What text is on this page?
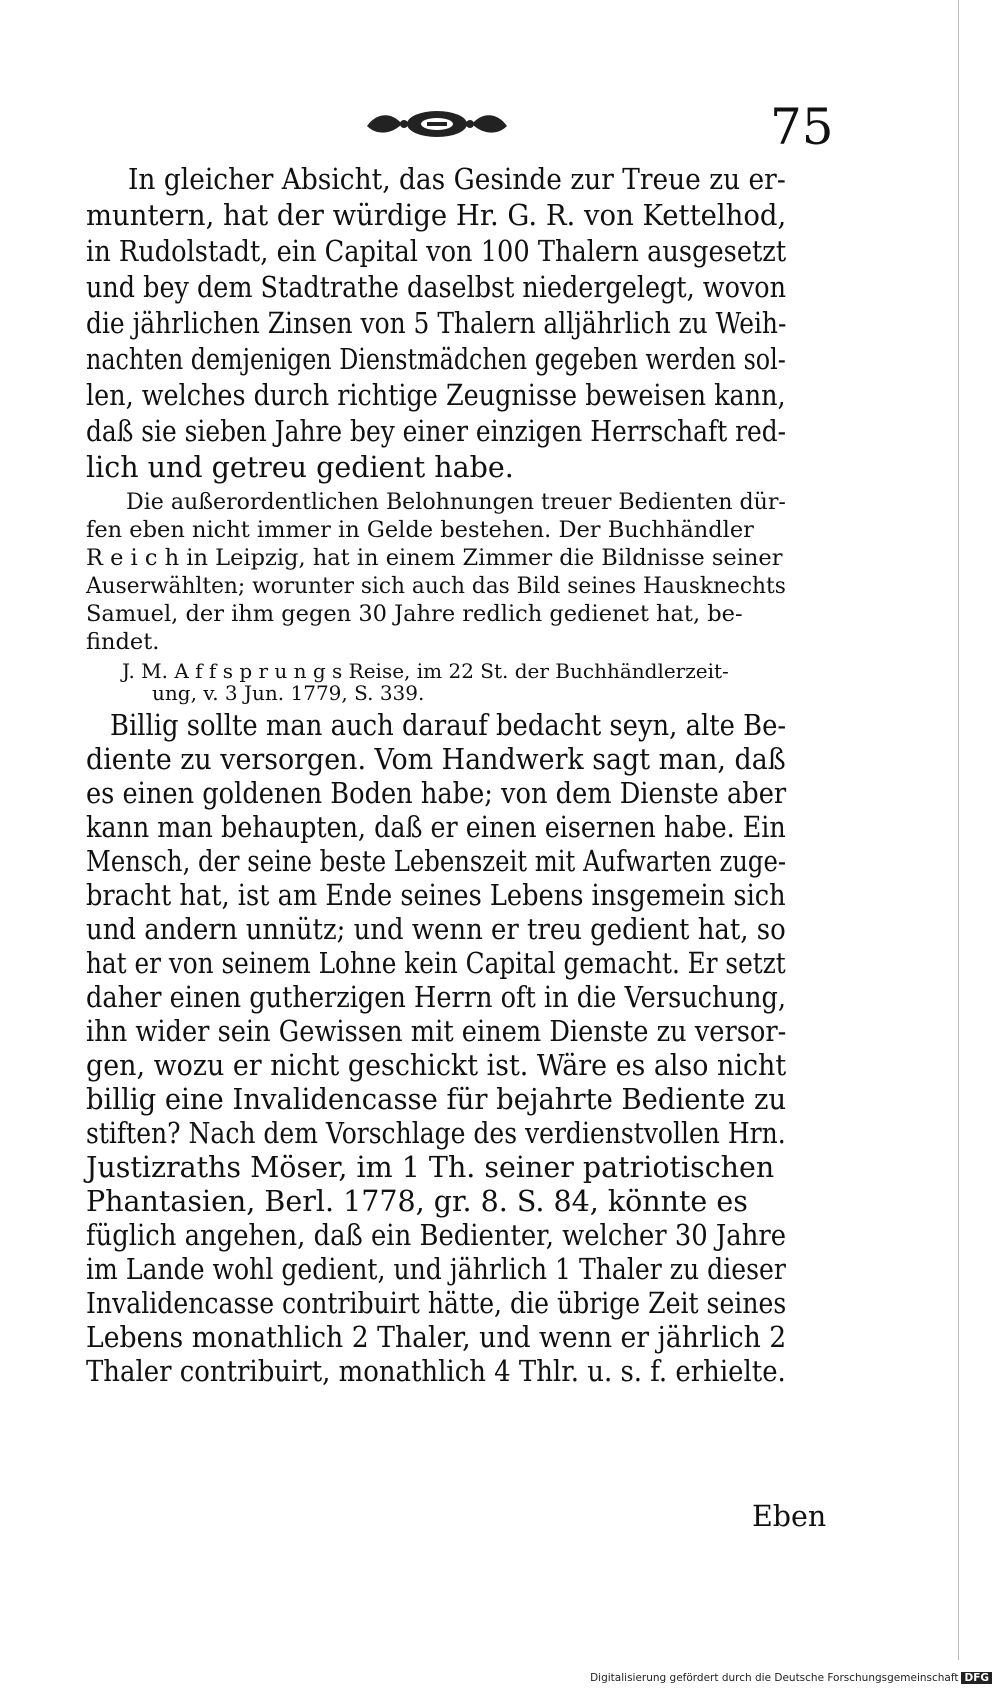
75
In gleicher Absicht, das Gesinde zur Treue zu er-
muntern, hat der würdige Hr. G. R. von Kettelhod,
in Rudolstadt, ein Capital von 100 Thalern ausgesetzt
und bey dem Stadtrathe daselbst niedergelegt, wovon
die jährlichen Zinsen von 5 Thalern alljährlich zu Weih-
nachten demjenigen Dienstmädchen gegeben werden sol-
len, welches durch richtige Zeugnisse beweisen kann,
daß sie sieben Jahre bey einer einzigen Herrschaft red-
lich und getreu gedient habe.
Die außerordentlichen Belohnungen treuer Bedienten dür-
fen eben nicht immer in Gelde bestehen. Der Buchhändler
R e i c h in Leipzig, hat in einem Zimmer die Bildnisse seiner
Auserwählten; worunter sich auch das Bild seines Hausknechts
Samuel, der ihm gegen 30 Jahre redlich gedienet hat, be-
findet.
J. M. A f f s p r u n g s Reise, im 22 St. der Buchhändlerzeit-
ung, v. 3 Jun. 1779, S. 339.
Billig sollte man auch darauf bedacht seyn, alte Be-
diente zu versorgen. Vom Handwerk sagt man, daß
es einen goldenen Boden habe; von dem Dienste aber
kann man behaupten, daß er einen eisernen habe. Ein
Mensch, der seine beste Lebenszeit mit Aufwarten zuge-
bracht hat, ist am Ende seines Lebens insgemein sich
und andern unnütz; und wenn er treu gedient hat, so
hat er von seinem Lohne kein Capital gemacht. Er setzt
daher einen gutherzigen Herrn oft in die Versuchung,
ihn wider sein Gewissen mit einem Dienste zu versor-
gen, wozu er nicht geschickt ist. Wäre es also nicht
billig eine Invalidencasse für bejahrte Bediente zu
stiften? Nach dem Vorschlage des verdienstvollen Hrn.
Justizraths Möser, im 1 Th. seiner patriotischen
Phantasien, Berl. 1778, gr. 8. S. 84, könnte es
füglich angehen, daß ein Bedienter, welcher 30 Jahre
im Lande wohl gedient, und jährlich 1 Thaler zu dieser
Invalidencasse contribuirt hätte, die übrige Zeit seines
Lebens monathlich 2 Thaler, und wenn er jährlich 2
Thaler contribuirt, monathlich 4 Thlr. u. s. f. erhielte.
Eben
Digitalisierung gefördert durch die Deutsche Forschungsgemeinschaft DFG
